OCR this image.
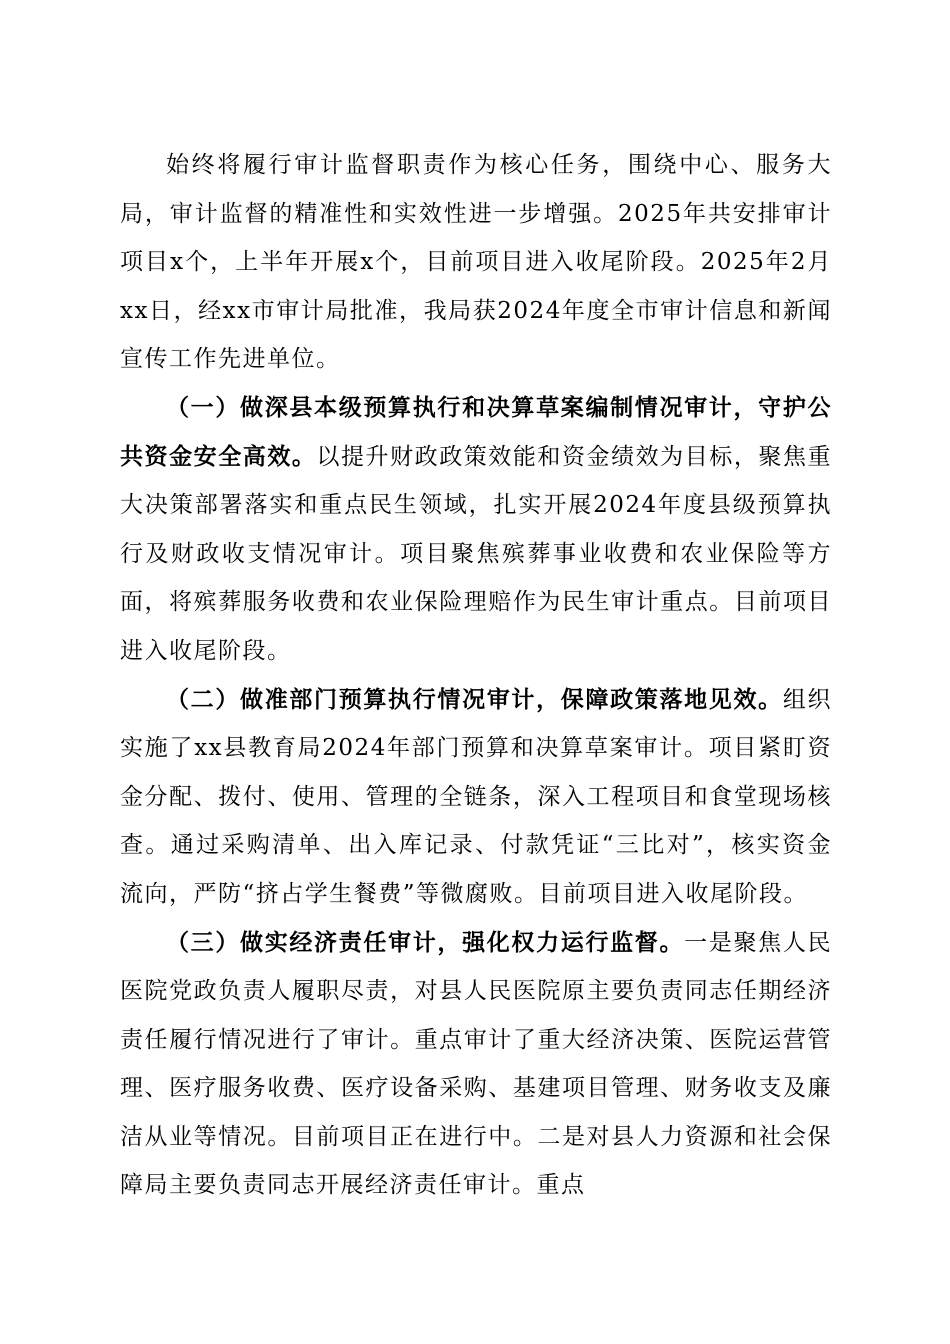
始终将履行审计监督职责作为核心任务，围绕中心、服务大局，审计监督的精准性和实效性进一步增强。2025年共安排审计项目x个，上半年开展x个，目前项目进入收尾阶段。2025年2月xx日，经xx市审计局批准，我局获2024年度全市审计信息和新闻宣传工作先进单位。

（一）做深县本级预算执行和决算草案编制情况审计，守护公共资金安全高效。以提升财政政策效能和资金绩效为目标，聚焦重大决策部署落实和重点民生领域，扎实开展2024年度县级预算执行及财政收支情况审计。项目聚焦殡葬事业收费和农业保险等方面，将殡葬服务收费和农业保险理赔作为民生审计重点。目前项目进入收尾阶段。

（二）做准部门预算执行情况审计，保障政策落地见效。组织实施了xx县教育局2024年部门预算和决算草案审计。项目紧盯资金分配、拨付、使用、管理的全链条，深入工程项目和食堂现场核查。通过采购清单、出入库记录、付款凭证“三比对”，核实资金流向，严防“挤占学生餐费”等微腐败。目前项目进入收尾阶段。

（三）做实经济责任审计，强化权力运行监督。一是聚焦人民医院党政负责人履职尽责，对县人民医院原主要负责同志任期经济责任履行情况进行了审计。重点审计了重大经济决策、医院运营管理、医疗服务收费、医疗设备采购、基建项目管理、财务收支及廉洁从业等情况。目前项目正在进行中。二是对县人力资源和社会保障局主要负责同志开展经济责任审计。重点
